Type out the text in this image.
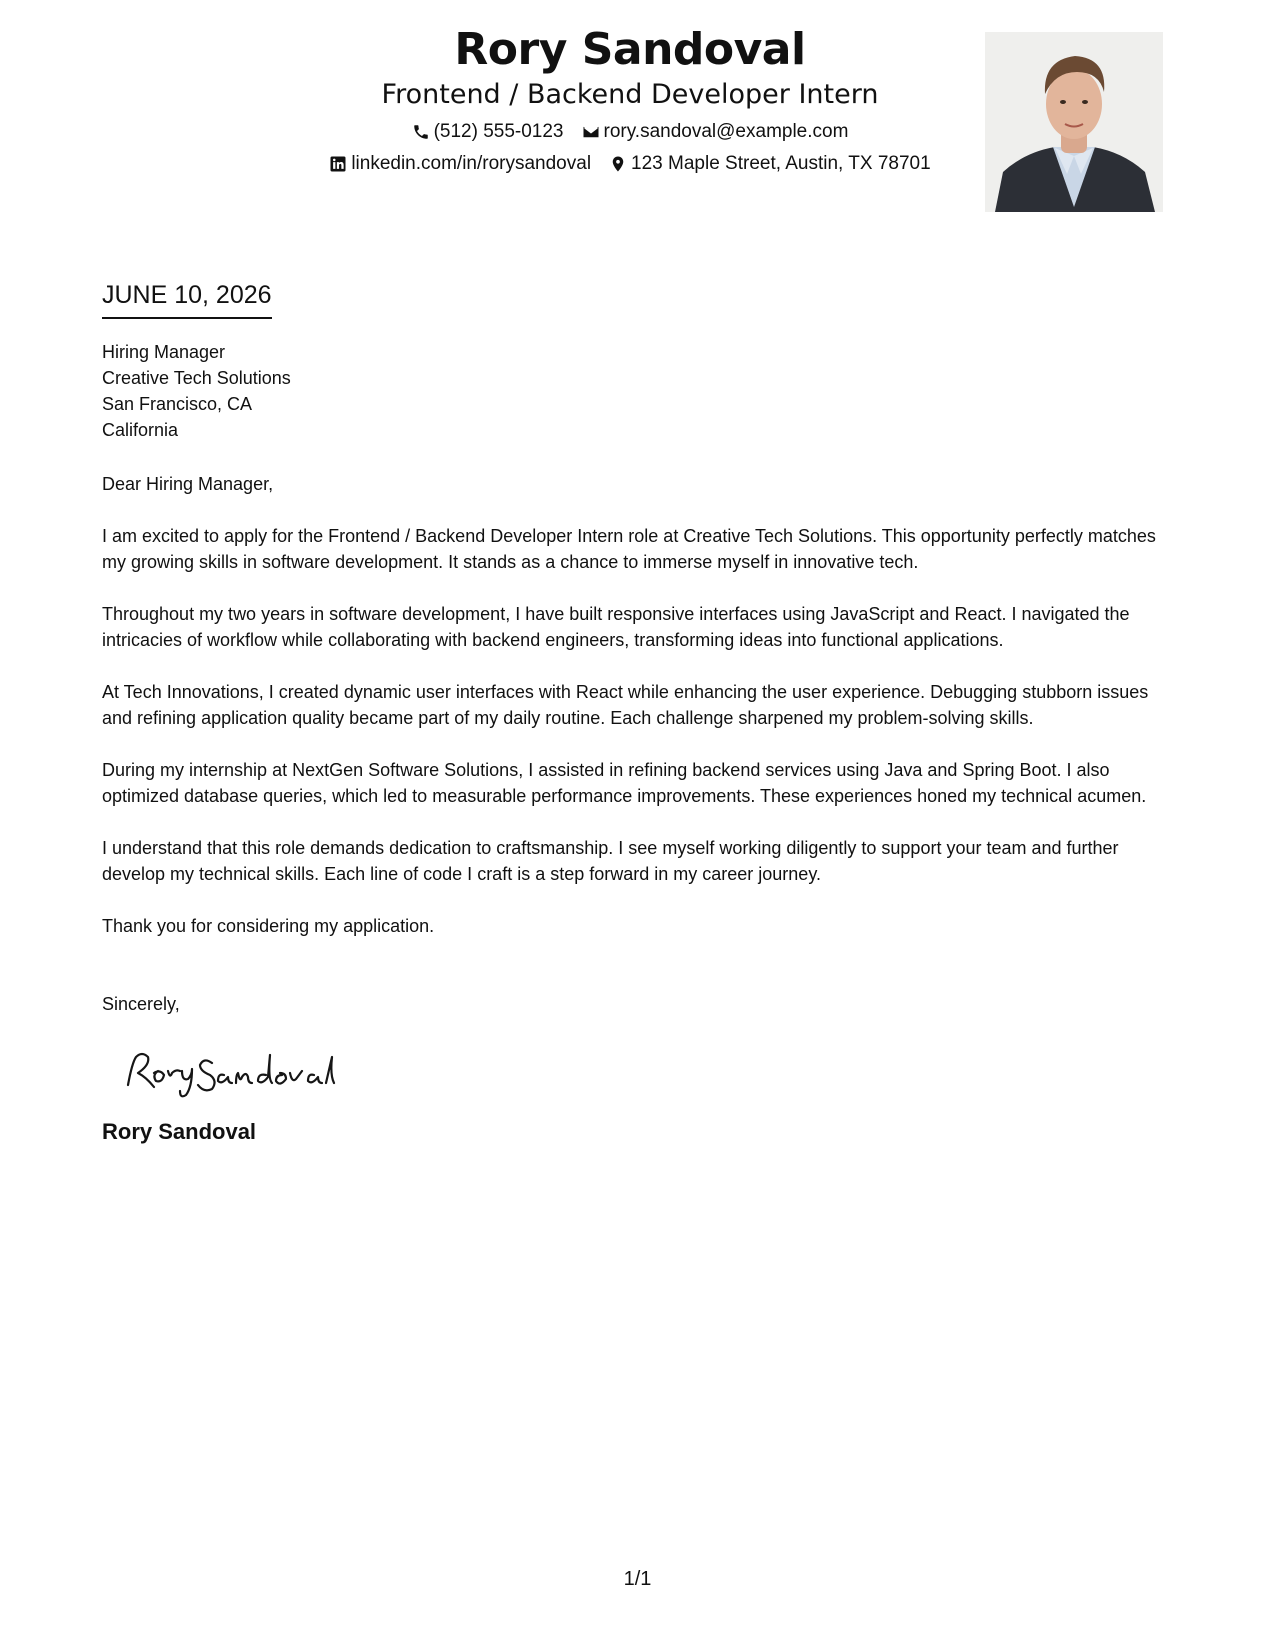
Rory Sandoval
Frontend / Backend Developer Intern
(512) 555-0123 rory.sandoval@example.com
linkedin.com/in/rorysandoval 123 Maple Street, Austin, TX 78701
JUNE 10, 2026
Hiring Manager
Creative Tech Solutions
San Francisco, CA
California
Dear Hiring Manager,
I am excited to apply for the Frontend / Backend Developer Intern role at Creative Tech Solutions. This opportunity perfectly matches my growing skills in software development. It stands as a chance to immerse myself in innovative tech.
Throughout my two years in software development, I have built responsive interfaces using JavaScript and React. I navigated the intricacies of workflow while collaborating with backend engineers, transforming ideas into functional applications.
At Tech Innovations, I created dynamic user interfaces with React while enhancing the user experience. Debugging stubborn issues and refining application quality became part of my daily routine. Each challenge sharpened my problem-solving skills.
During my internship at NextGen Software Solutions, I assisted in refining backend services using Java and Spring Boot. I also optimized database queries, which led to measurable performance improvements. These experiences honed my technical acumen.
I understand that this role demands dedication to craftsmanship. I see myself working diligently to support your team and further develop my technical skills. Each line of code I craft is a step forward in my career journey.
Thank you for considering my application.
Sincerely,
Rory Sandoval
1/1
